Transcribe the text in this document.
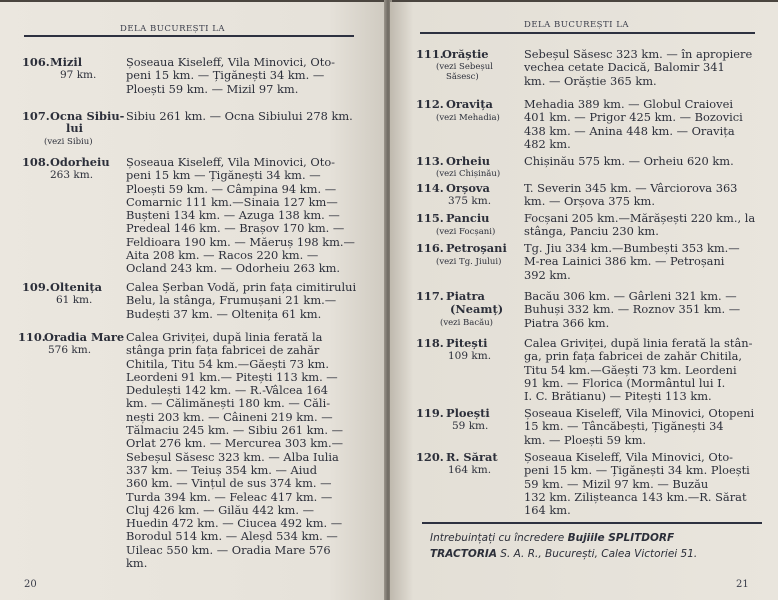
DELA BUCUREȘTI LA
106. Mizil
97 km.
Șoseaua Kiseleff, Vila Minovici, Oto-
peni 15 km. — Țigănești 34 km. —
Ploești 59 km. — Mizil 97 km.
107. Ocna Sibiu-
lui
(vezi Sibiu)
Sibiu 261 km. — Ocna Sibiului 278 km.
108. Odorheiu
263 km.
Șoseaua Kiseleff, Vila Minovici, Oto-
peni 15 km — Țigănești 34 km. —
Ploești 59 km. — Câmpina 94 km. —
Comarnic 111 km.—Sinaia 127 km—
Bușteni 134 km. — Azuga 138 km. —
Predeal 146 km. — Brașov 170 km. —
Feldioara 190 km. — Măeruș 198 km.—
Aita 208 km. — Racos 220 km. —
Ocland 243 km. — Odorheiu 263 km.
109. Oltenița
61 km.
Calea Șerban Vodă, prin fața cimitirului
Belu, la stânga, Frumușani 21 km.—
Budești 37 km. — Oltenița 61 km.
110.
Oradia Mare
576 km.
Calea Griviței, după linia ferată la
stânga prin fața fabricei de zahăr
Chitila, Titu 54 km.—Găești 73 km.
Leordeni 91 km.— Pitești 113 km. —
Dedulești 142 km. — R.-Vâlcea 164
km. — Călimănești 180 km. — Căli-
nești 203 km. — Câineni 219 km. —
Tălmaciu 245 km. — Sibiu 261 km. —
Orlat 276 km. — Mercurea 303 km.—
Sebeșul Săsesc 323 km. — Alba Iulia
337 km. — Teiuș 354 km. — Aiud
360 km. — Vințul de sus 374 km. —
Turda 394 km. — Feleac 417 km. —
Cluj 426 km. — Gilău 442 km. —
Huedin 472 km. — Ciucea 492 km. —
Borodul 514 km. — Aleșd 534 km. —
Uileac 550 km. — Oradia Mare 576
km.
20
DELA BUCUREȘTI LA
111.
Orăștie
(vezi Sebeșul
Săsesc)
Sebeșul Săsesc 323 km. — în apropiere
vechea cetate Dacică, Balomir 341
km. — Orăștie 365 km.
112. Oravița
(vezi Mehadia)
Mehadia 389 km. — Globul Craiovei
401 km. — Prigor 425 km. — Bozovici
438 km. — Anina 448 km. — Oravița
482 km.
113. Orheiu
(vezi Chișinău)
Chișinău 575 km. — Orheiu 620 km.
114. Orșova
375 km.
T. Severin 345 km. — Vârciorova 363
km. — Orșova 375 km.
115. Panciu
(vezi Focșani)
Focșani 205 km.—Mărășești 220 km., la
stânga, Panciu 230 km.
116. Petroșani
(vezi Tg. Jiului)
Tg. Jiu 334 km.—Bumbești 353 km.—
M-rea Lainici 386 km. — Petroșani
392 km.
117. Piatra
(Neamț)
(vezi Bacău)
Bacău 306 km. — Gârleni 321 km. —
Buhuși 332 km. — Roznov 351 km. —
Piatra 366 km.
118. Pitești
109 km.
Calea Griviței, după linia ferată la stân-
ga, prin fața fabricei de zahăr Chitila,
Titu 54 km.—Găești 73 km. Leordeni
91 km. — Florica (Mormântul lui I.
I. C. Brătianu) — Pitești 113 km.
119. Ploești
59 km.
Șoseaua Kiseleff, Vila Minovici, Otopeni
15 km. — Tâncăbești, Țigănești 34
km. — Ploești 59 km.
120. R. Sărat
164 km.
Șoseaua Kiseleff, Vila Minovici, Oto-
peni 15 km. — Țigănești 34 km. Ploești
59 km. — Mizil 97 km. — Buzău
132 km. Zilișteanca 143 km.—R. Sărat
164 km.
Intrebuințați cu încredere Bujiile SPLITDORF
TRACTORIA S. A. R., București, Calea Victoriei 51.
21
